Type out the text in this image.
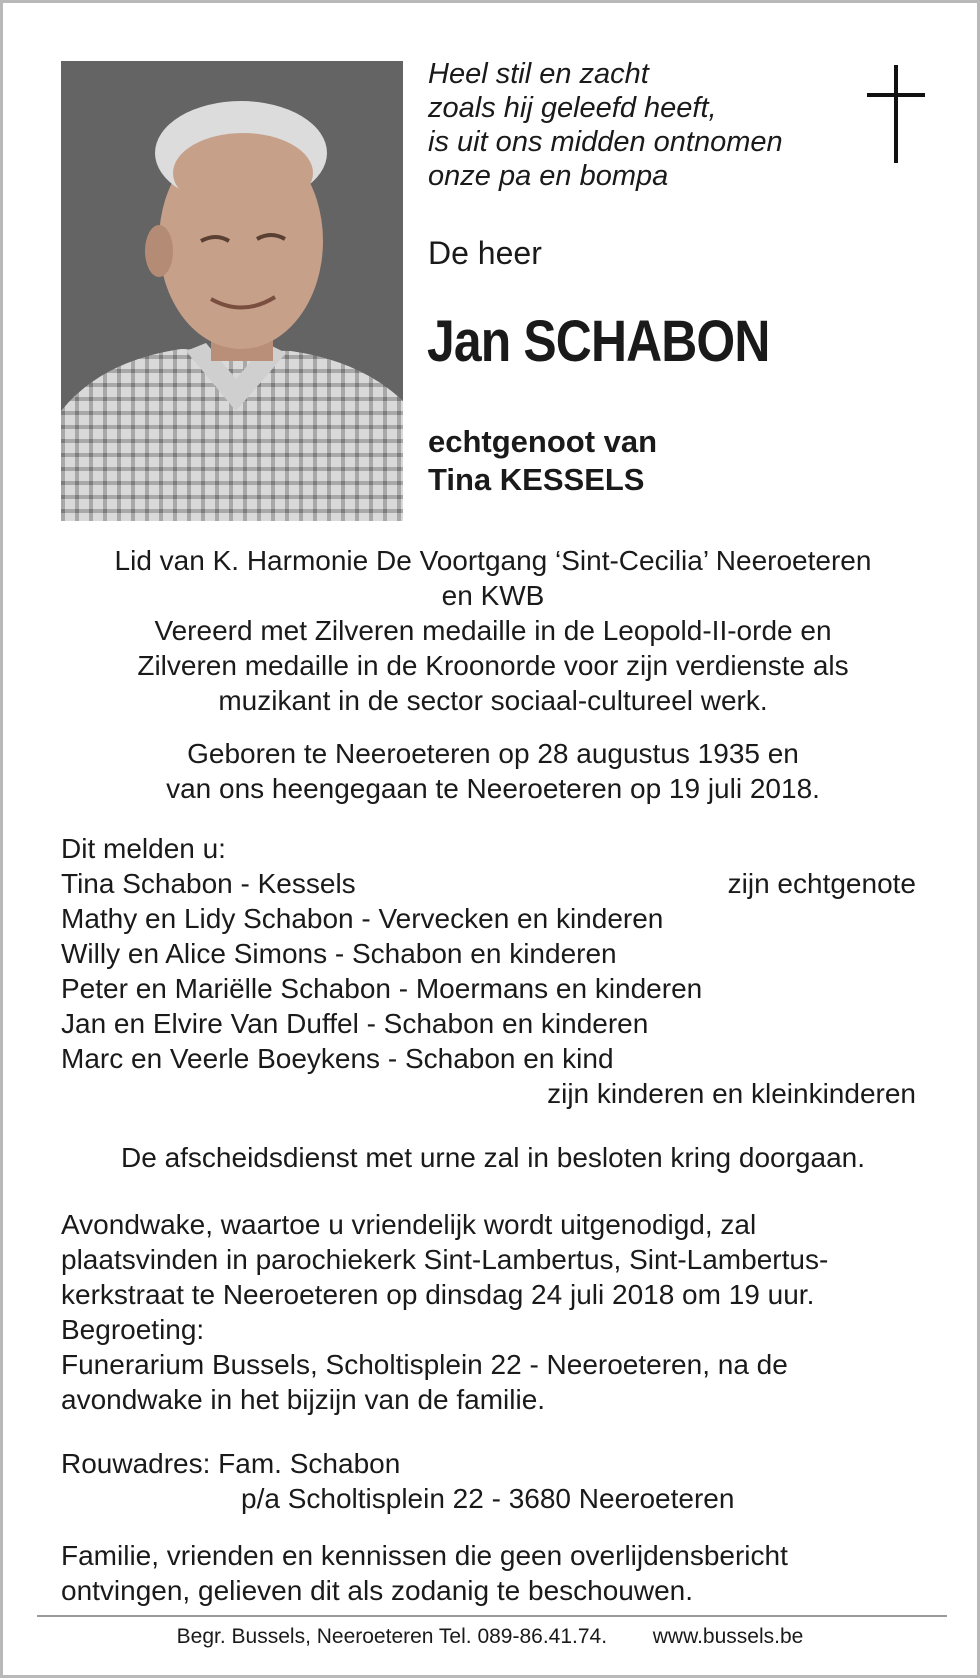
Heel stil en zacht
zoals hij geleefd heeft,
is uit ons midden ontnomen
onze pa en bompa
De heer
Jan SCHABON
echtgenoot van
Tina KESSELS
Lid van K. Harmonie De Voortgang ‘Sint-Cecilia’ Neeroeteren
en KWB
Vereerd met Zilveren medaille in de Leopold-II-orde en
Zilveren medaille in de Kroonorde voor zijn verdienste als
muzikant in de sector sociaal-cultureel werk.
Geboren te Neeroeteren op 28 augustus 1935 en
van ons heengegaan te Neeroeteren op 19 juli 2018.
Dit melden u:
Tina Schabon - Kessels	zijn echtgenote
Mathy en Lidy Schabon - Vervecken en kinderen
Willy en Alice Simons - Schabon en kinderen
Peter en Mariëlle Schabon - Moermans en kinderen
Jan en Elvire Van Duffel - Schabon en kinderen
Marc en Veerle Boeykens - Schabon en kind
zijn kinderen en kleinkinderen
De afscheidsdienst met urne zal in besloten kring doorgaan.
Avondwake, waartoe u vriendelijk wordt uitgenodigd, zal
plaatsvinden in parochiekerk Sint-Lambertus, Sint-Lambertus-
kerkstraat te Neeroeteren op dinsdag 24 juli 2018 om 19 uur.
Begroeting:
Funerarium Bussels, Scholtisplein 22 - Neeroeteren, na de
avondwake in het bijzijn van de familie.
Rouwadres: Fam. Schabon
p/a Scholtisplein 22 - 3680 Neeroeteren
Familie, vrienden en kennissen die geen overlijdensbericht
ontvingen, gelieven dit als zodanig te beschouwen.
Begr. Bussels, Neeroeteren Tel. 089-86.41.74. www.bussels.be
